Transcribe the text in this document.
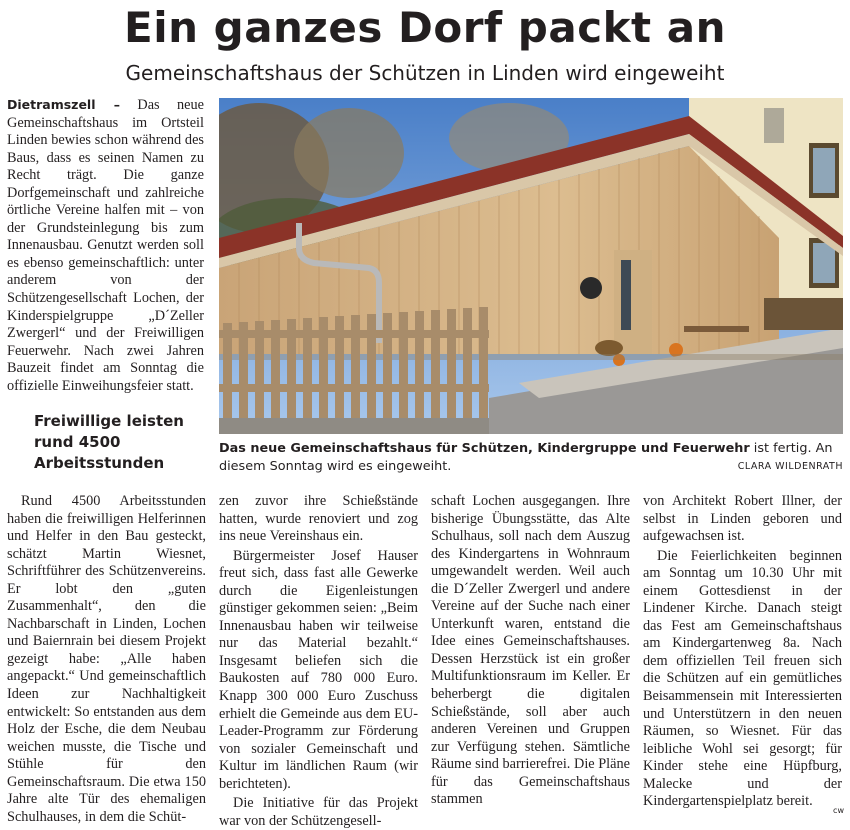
Ein ganzes Dorf packt an
Gemeinschaftshaus der Schützen in Linden wird eingeweiht

Dietramszell – Das neue Gemeinschaftshaus im Ortsteil Linden bewies schon während des Baus, dass es seinen Namen zu Recht trägt. Die ganze Dorfgemeinschaft und zahlreiche örtliche Vereine halfen mit – von der Grundsteinlegung bis zum Innenausbau. Genutzt werden soll es ebenso gemeinschaftlich: unter anderem von der Schützengesellschaft Lochen, der Kinderspielgruppe „D´Zeller Zwergerl“ und der Freiwilligen Feuerwehr. Nach zwei Jahren Bauzeit findet am Sonntag die offizielle Einweihungsfeier statt.

Freiwillige leisten rund 4500 Arbeitsstunden
Das neue Gemeinschaftshaus für Schützen, Kindergruppe und Feuerwehr ist fertig. An diesem Sonntag wird es eingeweiht.	CLARA WILDENRATH

Rund 4500 Arbeitsstunden haben die freiwilligen Helferinnen und Helfer in den Bau gesteckt, schätzt Martin Wiesnet, Schriftführer des Schützenvereins. Er lobt den „guten Zusammenhalt“, den die Nachbarschaft in Linden, Lochen und Baiernrain bei diesem Projekt gezeigt habe: „Alle haben angepackt.“ Und gemeinschaftlich Ideen zur Nachhaltigkeit entwickelt: So entstanden aus dem Holz der Esche, die dem Neubau weichen musste, die Tische und Stühle für den Gemeinschaftsraum. Die etwa 150 Jahre alte Tür des ehemaligen Schulhauses, in dem die Schüt-

zen zuvor ihre Schießstände hatten, wurde renoviert und zog ins neue Vereinshaus ein.

Bürgermeister Josef Hauser freut sich, dass fast alle Gewerke durch die Eigenleistungen günstiger gekommen seien: „Beim Innenausbau haben wir teilweise nur das Material bezahlt.“ Insgesamt beliefen sich die Baukosten auf 780 000 Euro. Knapp 300 000 Euro Zuschuss erhielt die Gemeinde aus dem EU-Leader-Programm zur Förderung von sozialer Gemeinschaft und Kultur im ländlichen Raum (wir berichteten).

Die Initiative für das Projekt war von der Schützengesell-

schaft Lochen ausgegangen. Ihre bisherige Übungsstätte, das Alte Schulhaus, soll nach dem Auszug des Kindergartens in Wohnraum umgewandelt werden. Weil auch die D´Zeller Zwergerl und andere Vereine auf der Suche nach einer Unterkunft waren, entstand die Idee eines Gemeinschaftshauses. Dessen Herzstück ist ein großer Multifunktionsraum im Keller. Er beherbergt die digitalen Schießstände, soll aber auch anderen Vereinen und Gruppen zur Verfügung stehen. Sämtliche Räume sind barrierefrei. Die Pläne für das Gemeinschaftshaus stammen

von Architekt Robert Illner, der selbst in Linden geboren und aufgewachsen ist.

Die Feierlichkeiten beginnen am Sonntag um 10.30 Uhr mit einem Gottesdienst in der Lindener Kirche. Danach steigt das Fest am Gemeinschaftshaus am Kindergartenweg 8a. Nach dem offiziellen Teil freuen sich die Schützen auf ein gemütliches Beisammensein mit Interessierten und Unterstützern in den neuen Räumen, so Wiesnet. Für das leibliche Wohl sei gesorgt; für Kinder stehe eine Hüpfburg, Malecke und der Kindergartenspielplatz bereit.

cw
